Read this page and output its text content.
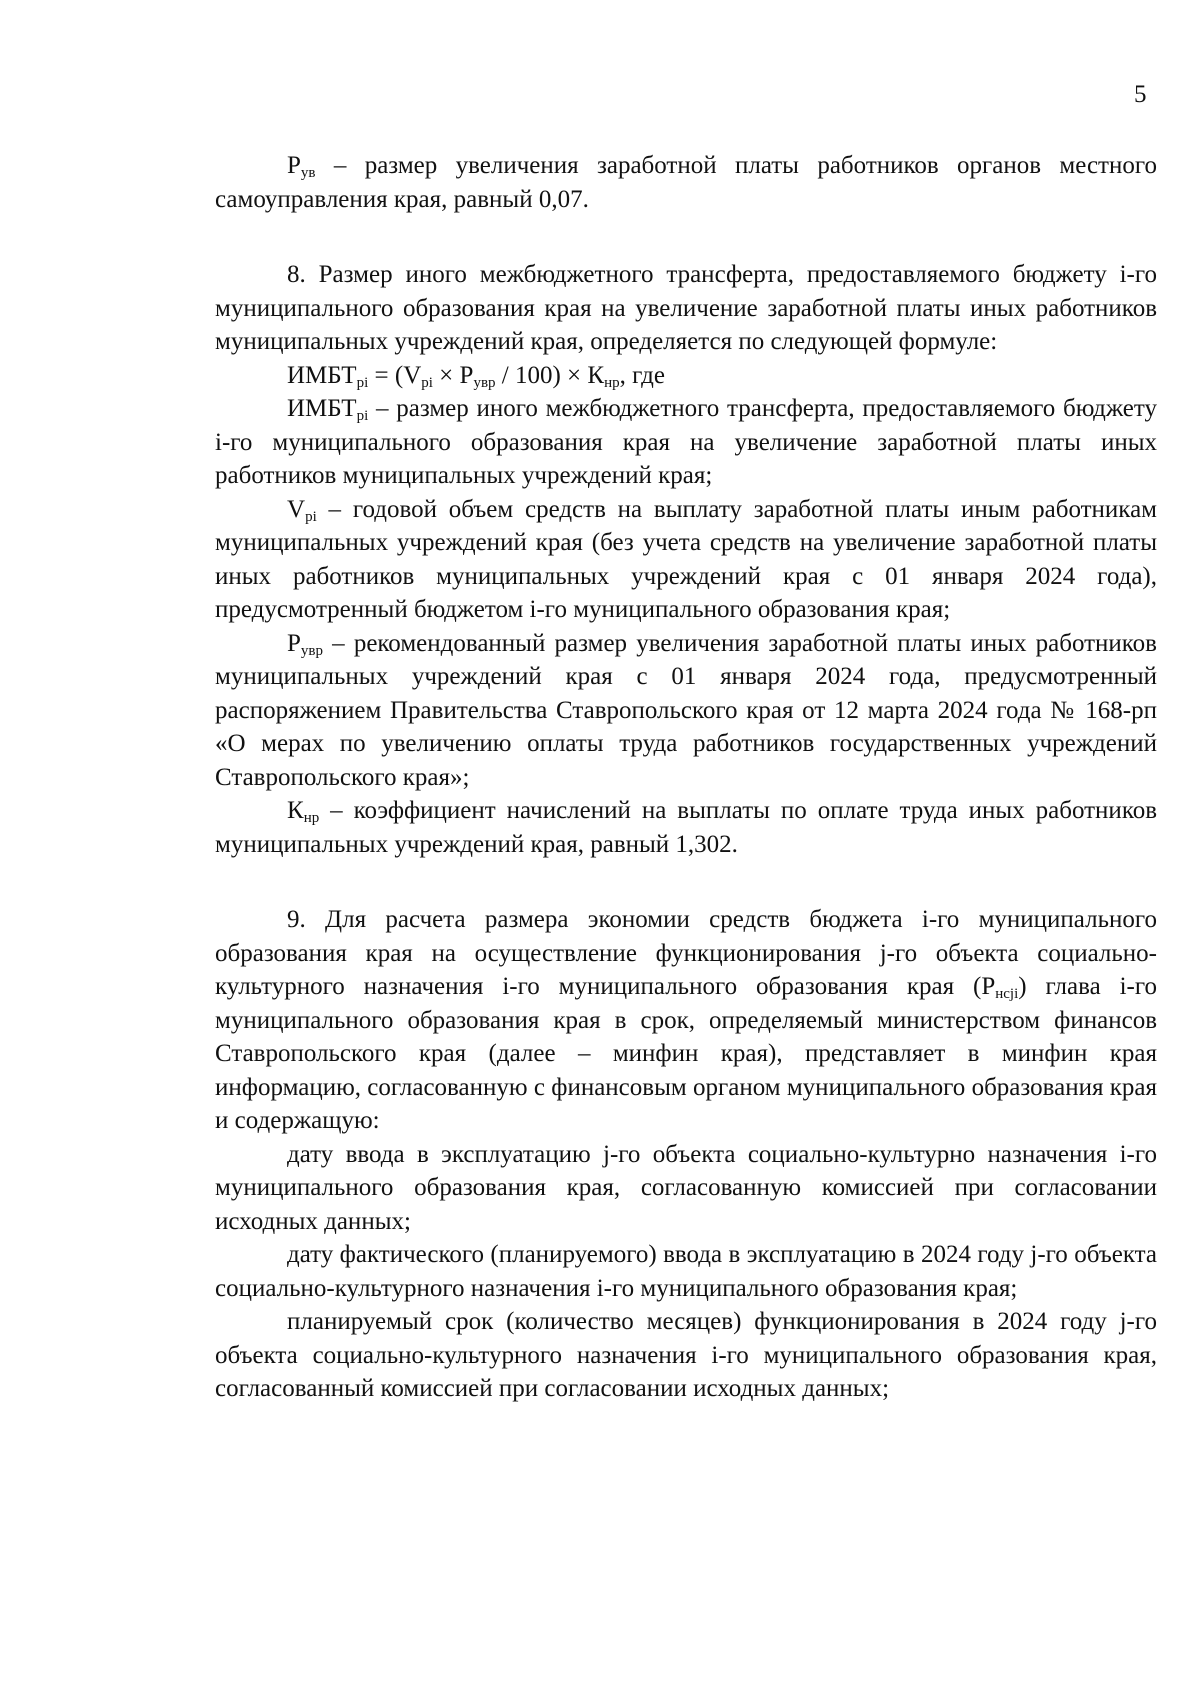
5

$Р_{ув}$ – размер увеличения заработной платы работников органов местного самоуправления края, равный 0,07.

8. Размер иного межбюджетного трансферта, предоставляемого бюджету i-го муниципального образования края на увеличение заработной платы иных работников муниципальных учреждений края, определяется по следующей формуле:

$ИМБТ_{рi} = (V_{рi} \times Р_{увр} / 100) \times К_{нр}$, где

$ИМБТ_{рi}$ – размер иного межбюджетного трансферта, предоставляемого бюджету i-го муниципального образования края на увеличение заработной платы иных работников муниципальных учреждений края;

$V_{рi}$ – годовой объем средств на выплату заработной платы иным работникам муниципальных учреждений края (без учета средств на увеличение заработной платы иных работников муниципальных учреждений края с 01 января 2024 года), предусмотренный бюджетом i-го муниципального образования края;

$Р_{увр}$ – рекомендованный размер увеличения заработной платы иных работников муниципальных учреждений края с 01 января 2024 года, предусмотренный распоряжением Правительства Ставропольского края от 12 марта 2024 года № 168-рп «О мерах по увеличению оплаты труда работников государственных учреждений Ставропольского края»;

$К_{нр}$ – коэффициент начислений на выплаты по оплате труда иных работников муниципальных учреждений края, равный 1,302.

9. Для расчета размера экономии средств бюджета i-го муниципального образования края на осуществление функционирования j-го объекта социально-культурного назначения i-го муниципального образования края $(Р_{нсji})$ глава i-го муниципального образования края в срок, определяемый министерством финансов Ставропольского края (далее – минфин края), представляет в минфин края информацию, согласованную с финансовым органом муниципального образования края и содержащую:

дату ввода в эксплуатацию j-го объекта социально-культурно назначения i-го муниципального образования края, согласованную комиссией при согласовании исходных данных;

дату фактического (планируемого) ввода в эксплуатацию в 2024 году j-го объекта социально-культурного назначения i-го муниципального образования края;

планируемый срок (количество месяцев) функционирования в 2024 году j-го объекта социально-культурного назначения i-го муниципального образования края, согласованный комиссией при согласовании исходных данных;
